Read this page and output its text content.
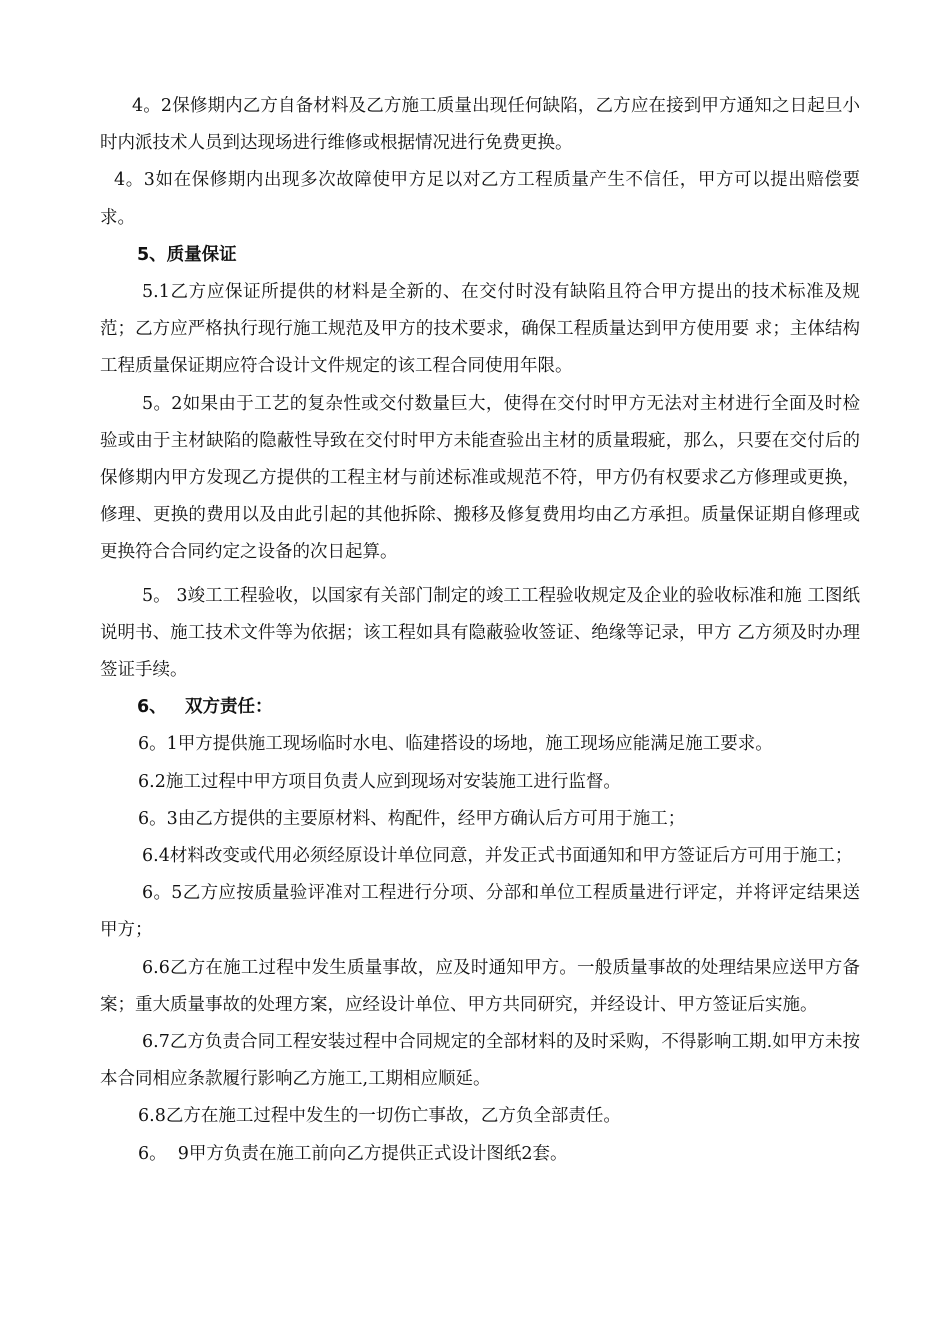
4。2保修期内乙方自备材料及乙方施工质量出现任何缺陷，乙方应在接到甲方通知之日起旦小时内派技术人员到达现场进行维修或根据情况进行免费更换。

4。3如在保修期内出现多次故障使甲方足以对乙方工程质量产生不信任，甲方可以提出赔偿要求。

5、质量保证

5.1乙方应保证所提供的材料是全新的、在交付时没有缺陷且符合甲方提出的技术标准及规范；乙方应严格执行现行施工规范及甲方的技术要求，确保工程质量达到甲方使用要 求；主体结构工程质量保证期应符合设计文件规定的该工程合同使用年限。

5。2如果由于工艺的复杂性或交付数量巨大，使得在交付时甲方无法对主材进行全面及时检验或由于主材缺陷的隐蔽性导致在交付时甲方未能查验出主材的质量瑕疵，那么，只要在交付后的保修期内甲方发现乙方提供的工程主材与前述标准或规范不符，甲方仍有权要求乙方修理或更换，修理、更换的费用以及由此引起的其他拆除、搬移及修复费用均由乙方承担。质量保证期自修理或更换符合合同约定之设备的次日起算。

5。 3竣工工程验收，以国家有关部门制定的竣工工程验收规定及企业的验收标准和施 工图纸说明书、施工技术文件等为依据；该工程如具有隐蔽验收签证、绝缘等记录，甲方 乙方须及时办理签证手续。

6、   双方责任：

6。1甲方提供施工现场临时水电、临建搭设的场地，施工现场应能满足施工要求。

6.2施工过程中甲方项目负责人应到现场对安装施工进行监督。

6。3由乙方提供的主要原材料、构配件，经甲方确认后方可用于施工；

6.4材料改变或代用必须经原设计单位同意，并发正式书面通知和甲方签证后方可用于施工；

6。5乙方应按质量验评准对工程进行分项、分部和单位工程质量进行评定，并将评定结果送甲方；

6.6乙方在施工过程中发生质量事故，应及时通知甲方。一般质量事故的处理结果应送甲方备案；重大质量事故的处理方案，应经设计单位、甲方共同研究，并经设计、甲方签证后实施。

6.7乙方负责合同工程安装过程中合同规定的全部材料的及时采购，不得影响工期.如甲方未按本合同相应条款履行影响乙方施工,工期相应顺延。

6.8乙方在施工过程中发生的一切伤亡事故，乙方负全部责任。

6。  9甲方负责在施工前向乙方提供正式设计图纸2套。
